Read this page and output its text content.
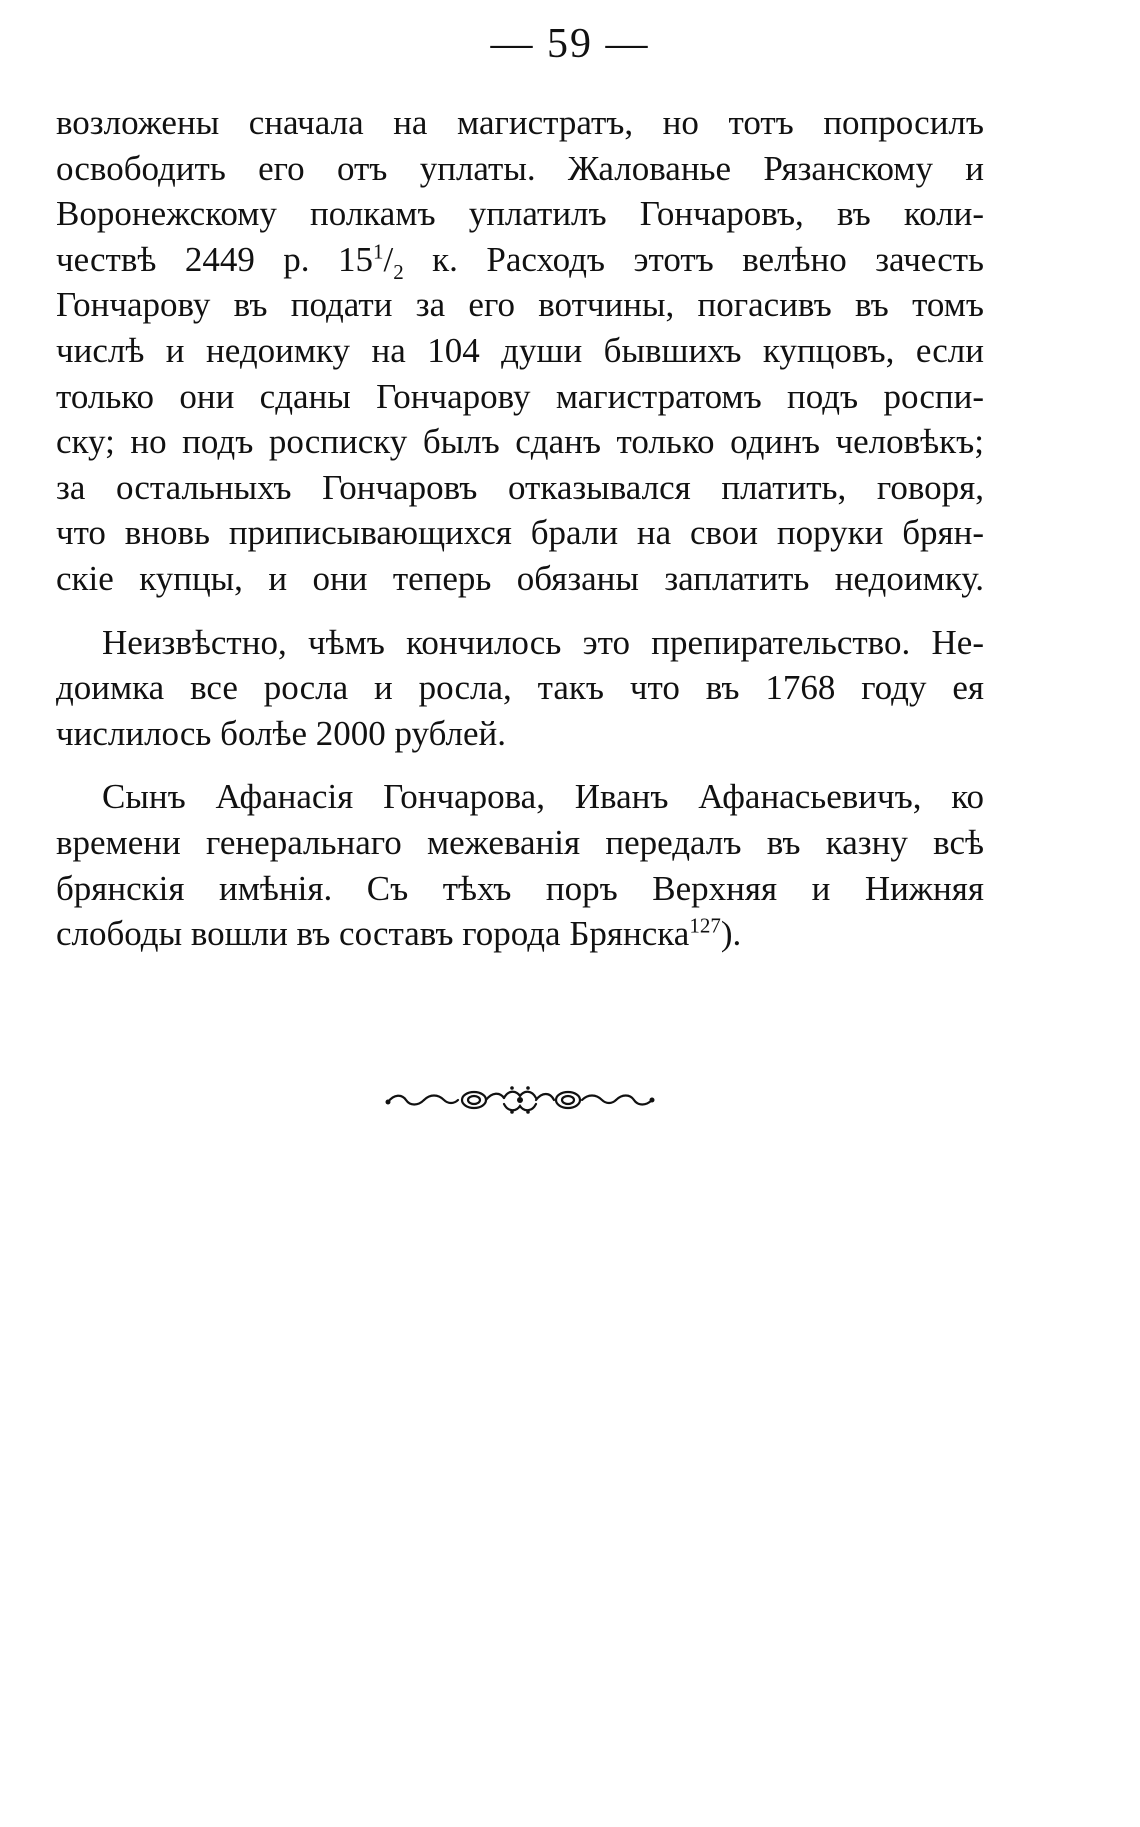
— 59 —
возложены сначала на магистратъ, но тотъ попросилъ
освободить его отъ уплаты. Жалованье Рязанскому и
Воронежскому полкамъ уплатилъ Гончаровъ, въ коли-
чествѣ 2449 р. $15^1/_2$ к. Расходъ этотъ велѣно зачесть
Гончарову въ подати за его вотчины, погасивъ въ томъ
числѣ и недоимку на 104 души бывшихъ купцовъ, если
только они сданы Гончарову магистратомъ подъ роспи-
ску; но подъ росписку былъ сданъ только одинъ человѣкъ;
за остальныхъ Гончаровъ отказывался платить, говоря,
что вновь приписывающихся брали на свои поруки брян-
скіе купцы, и они теперь обязаны заплатить недоимку.
Неизвѣстно, чѣмъ кончилось это препирательство. Не-
доимка все росла и росла, такъ что въ 1768 году ея
числилось болѣе 2000 рублей.
Сынъ Афанасія Гончарова, Иванъ Афанасьевичъ, ко
времени генеральнаго межеванія передалъ въ казну всѣ
брянскія имѣнія. Съ тѣхъ поръ Верхняя и Нижняя
слободы вошли въ составъ города Брянска$^{127}$).
